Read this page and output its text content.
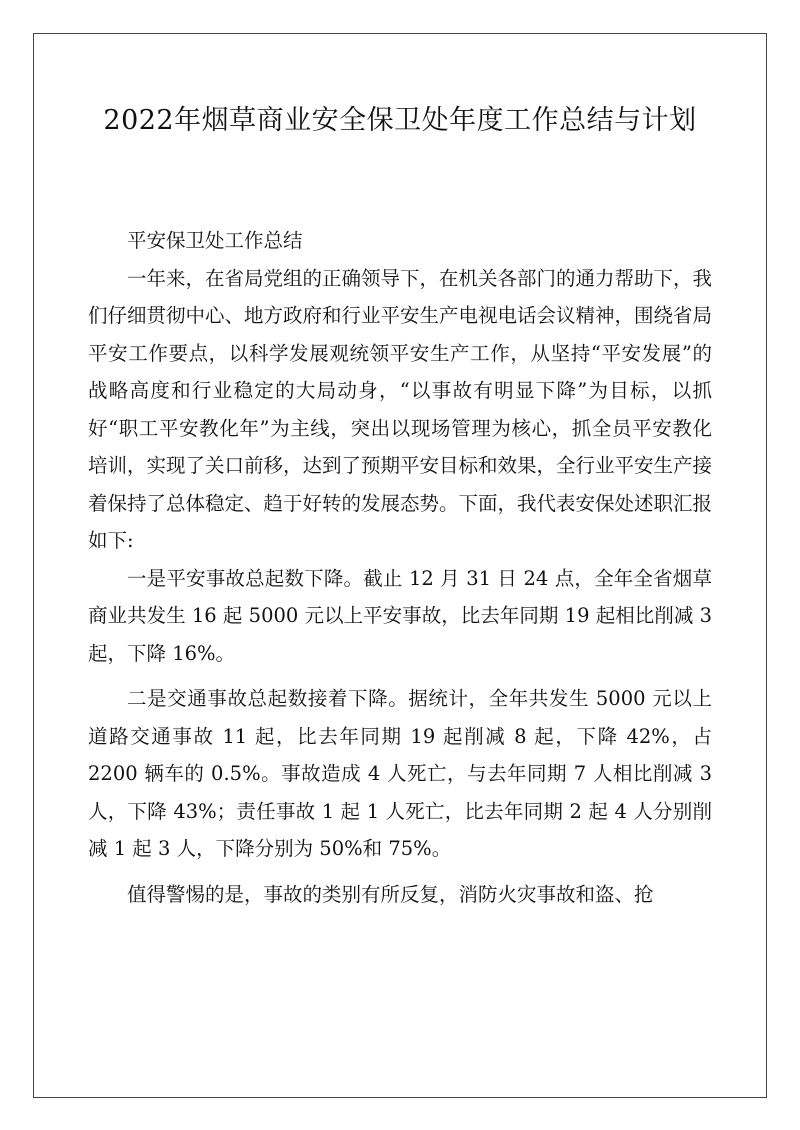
2022年烟草商业安全保卫处年度工作总结与计划

平安保卫处工作总结

一年来，在省局党组的正确领导下，在机关各部门的通力帮助下，我们仔细贯彻中心、地方政府和行业平安生产电视电话会议精神，围绕省局平安工作要点，以科学发展观统领平安生产工作，从坚持“平安发展”的战略高度和行业稳定的大局动身，“以事故有明显下降”为目标，以抓好“职工平安教化年”为主线，突出以现场管理为核心，抓全员平安教化培训，实现了关口前移，达到了预期平安目标和效果，全行业平安生产接着保持了总体稳定、趋于好转的发展态势。下面，我代表安保处述职汇报如下:

一是平安事故总起数下降。截止 12 月 31 日 24 点，全年全省烟草商业共发生 16 起 5000 元以上平安事故，比去年同期 19 起相比削减 3 起，下降 16%。

二是交通事故总起数接着下降。据统计，全年共发生 5000 元以上道路交通事故 11 起，比去年同期 19 起削减 8 起，下降 42%，占 2200 辆车的 0.5%。事故造成 4 人死亡，与去年同期 7 人相比削减 3 人，下降 43%；责任事故 1 起 1 人死亡，比去年同期 2 起 4 人分别削减 1 起 3 人，下降分别为 50%和 75%。

值得警惕的是，事故的类别有所反复，消防火灾事故和盗、抢
